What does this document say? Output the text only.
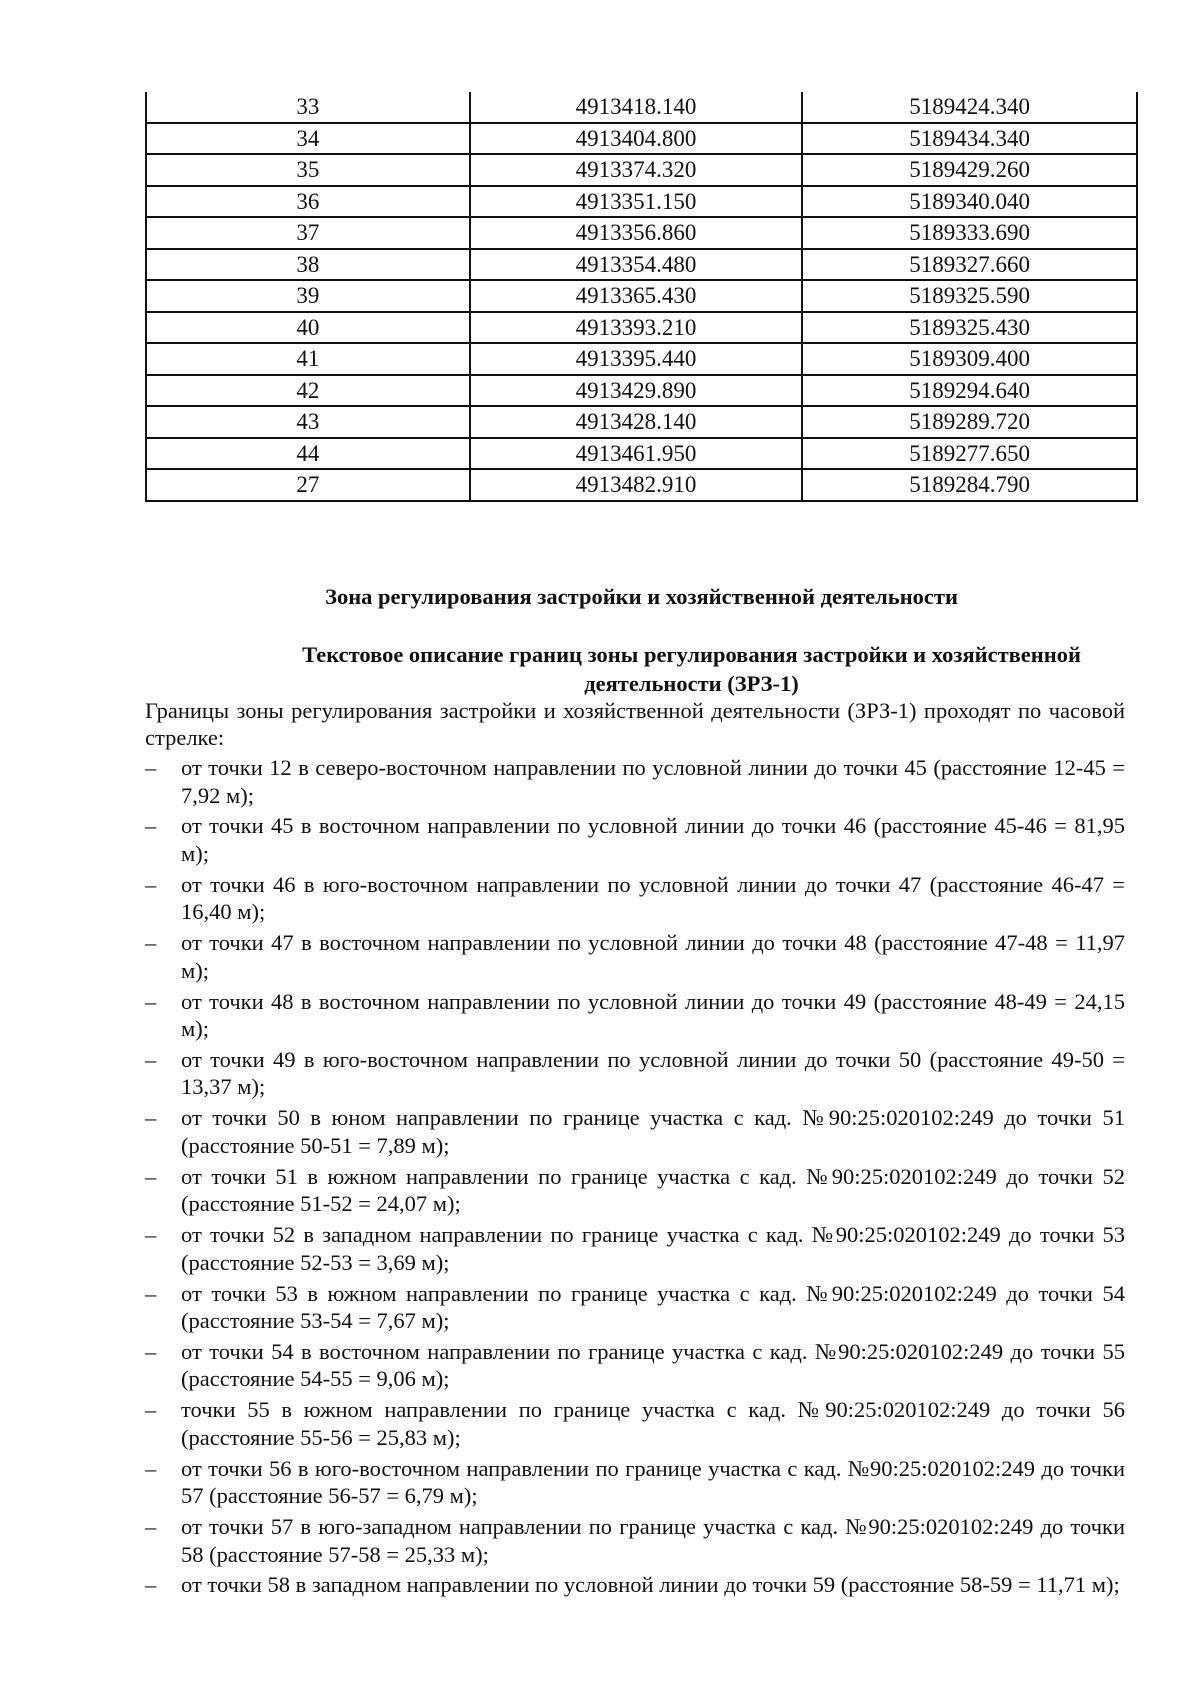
33	4913418.140	5189424.340
34	4913404.800	5189434.340
35	4913374.320	5189429.260
36	4913351.150	5189340.040
37	4913356.860	5189333.690
38	4913354.480	5189327.660
39	4913365.430	5189325.590
40	4913393.210	5189325.430
41	4913395.440	5189309.400
42	4913429.890	5189294.640
43	4913428.140	5189289.720
44	4913461.950	5189277.650
27	4913482.910	5189284.790
Зона регулирования застройки и хозяйственной деятельности
Текстовое описание границ зоны регулирования застройки и хозяйственной
деятельности (ЗРЗ-1)

Границы зоны регулирования застройки и хозяйственной деятельности (ЗРЗ-1) проходят по часовой стрелке:

–	от точки 12 в северо-восточном направлении по условной линии до точки 45 (расстояние 12-45 = 7,92 м);
–	от точки 45 в восточном направлении по условной линии до точки 46 (расстояние 45-46 = 81,95 м);
–	от точки 46 в юго-восточном направлении по условной линии до точки 47 (расстояние 46-47 = 16,40 м);
–	от точки 47 в восточном направлении по условной линии до точки 48 (расстояние 47-48 = 11,97 м);
–	от точки 48 в восточном направлении по условной линии до точки 49 (расстояние 48-49 = 24,15 м);
–	от точки 49 в юго-восточном направлении по условной линии до точки 50 (расстояние 49-50 = 13,37 м);
–	от точки 50 в юном направлении по границе участка с кад. №90:25:020102:249 до точки 51 (расстояние 50-51 = 7,89 м);
–	от точки 51 в южном направлении по границе участка с кад. №90:25:020102:249 до точки 52 (расстояние 51-52 = 24,07 м);
–	от точки 52 в западном направлении по границе участка с кад. №90:25:020102:249 до точки 53 (расстояние 52-53 = 3,69 м);
–	от точки 53 в южном направлении по границе участка с кад. №90:25:020102:249 до точки 54 (расстояние 53-54 = 7,67 м);
–	от точки 54 в восточном направлении по границе участка с кад. №90:25:020102:249 до точки 55 (расстояние 54-55 = 9,06 м);
–	точки 55 в южном направлении по границе участка с кад. №90:25:020102:249 до точки 56 (расстояние 55-56 = 25,83 м);
–	от точки 56 в юго-восточном направлении по границе участка с кад. №90:25:020102:249 до точки 57 (расстояние 56-57 = 6,79 м);
–	от точки 57 в юго-западном направлении по границе участка с кад. №90:25:020102:249 до точки 58 (расстояние 57-58 = 25,33 м);
–	от точки 58 в западном направлении по условной линии до точки 59 (расстояние 58-59 = 11,71 м);
